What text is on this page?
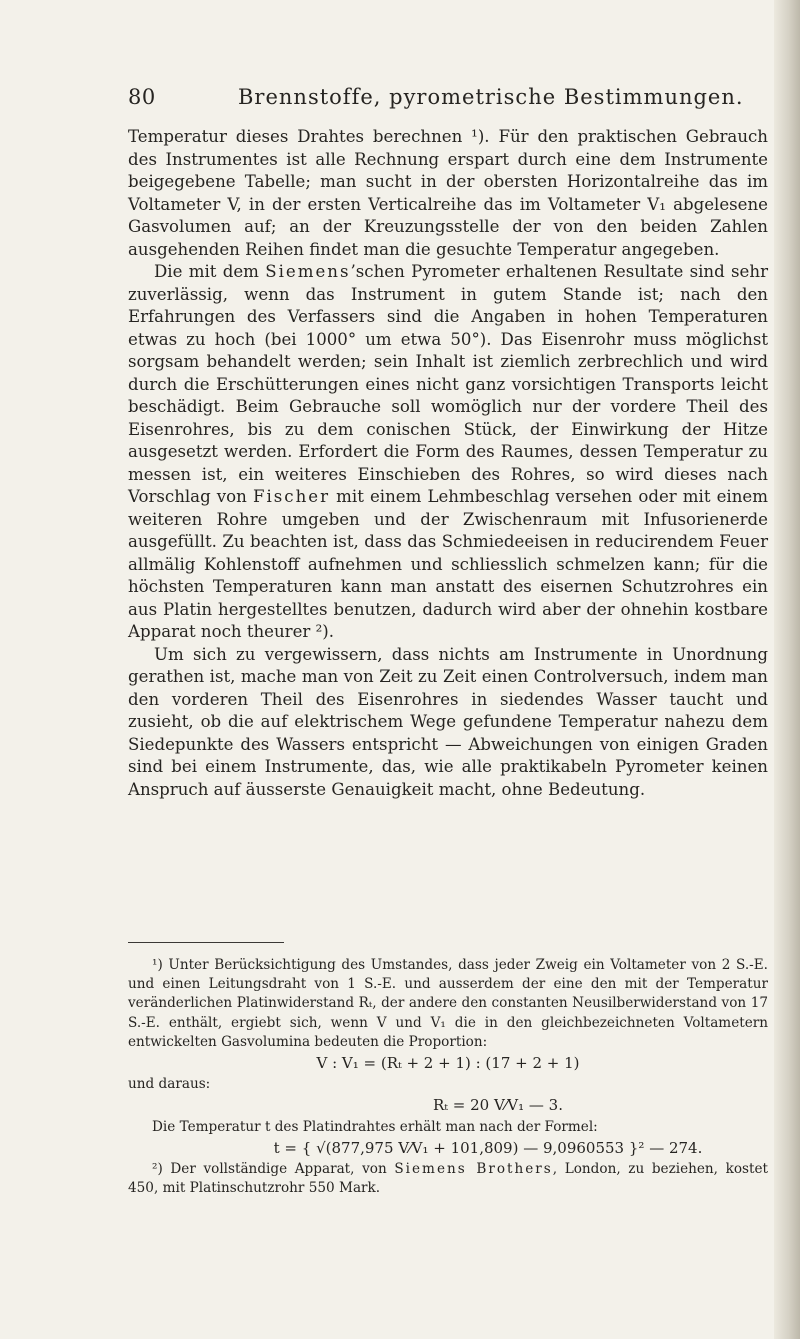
80	Brennstoffe, pyrometrische Bestimmungen.

Temperatur dieses Drahtes berechnen ¹). Für den praktischen Gebrauch des Instrumentes ist alle Rechnung erspart durch eine dem Instrumente beigegebene Tabelle; man sucht in der obersten Horizontalreihe das im Voltameter V, in der ersten Verticalreihe das im Voltameter V₁ abgelesene Gasvolumen auf; an der Kreuzungsstelle der von den beiden Zahlen ausgehenden Reihen findet man die gesuchte Temperatur angegeben.

Die mit dem Siemens’schen Pyrometer erhaltenen Resultate sind sehr zuverlässig, wenn das Instrument in gutem Stande ist; nach den Erfahrungen des Verfassers sind die Angaben in hohen Temperaturen etwas zu hoch (bei 1000° um etwa 50°). Das Eisenrohr muss möglichst sorgsam behandelt werden; sein Inhalt ist ziemlich zerbrechlich und wird durch die Erschütterungen eines nicht ganz vorsichtigen Transports leicht beschädigt. Beim Gebrauche soll womöglich nur der vordere Theil des Eisenrohres, bis zu dem conischen Stück, der Einwirkung der Hitze ausgesetzt werden. Erfordert die Form des Raumes, dessen Temperatur zu messen ist, ein weiteres Einschieben des Rohres, so wird dieses nach Vorschlag von Fischer mit einem Lehmbeschlag versehen oder mit einem weiteren Rohre umgeben und der Zwischenraum mit Infusorienerde ausgefüllt. Zu beachten ist, dass das Schmiedeeisen in reducirendem Feuer allmälig Kohlenstoff aufnehmen und schliesslich schmelzen kann; für die höchsten Temperaturen kann man anstatt des eisernen Schutzrohres ein aus Platin hergestelltes benutzen, dadurch wird aber der ohnehin kostbare Apparat noch theurer ²).

Um sich zu vergewissern, dass nichts am Instrumente in Unordnung gerathen ist, mache man von Zeit zu Zeit einen Controlversuch, indem man den vorderen Theil des Eisenrohres in siedendes Wasser taucht und zusieht, ob die auf elektrischem Wege gefundene Temperatur nahezu dem Siedepunkte des Wassers entspricht — Abweichungen von einigen Graden sind bei einem Instrumente, das, wie alle praktikabeln Pyrometer keinen Anspruch auf äusserste Genauigkeit macht, ohne Bedeutung.

¹) Unter Berücksichtigung des Umstandes, dass jeder Zweig ein Voltameter von 2 S.-E. und einen Leitungsdraht von 1 S.-E. und ausserdem der eine den mit der Temperatur veränderlichen Platinwiderstand Rₜ, der andere den constanten Neusilberwiderstand von 17 S.-E. enthält, ergiebt sich, wenn V und V₁ die in den gleichbezeichneten Voltametern entwickelten Gasvolumina bedeuten die Proportion:

V : V₁ = (Rₜ + 2 + 1) : (17 + 2 + 1)
und daraus:
Rₜ = 20 V⁄V₁ — 3.

Die Temperatur t des Platindrahtes erhält man nach der Formel:

t = { √(877,975 V⁄V₁ + 101,809) — 9,0960553 }² — 274.

²) Der vollständige Apparat, von Siemens Brothers, London, zu beziehen, kostet 450, mit Platinschutzrohr 550 Mark.
